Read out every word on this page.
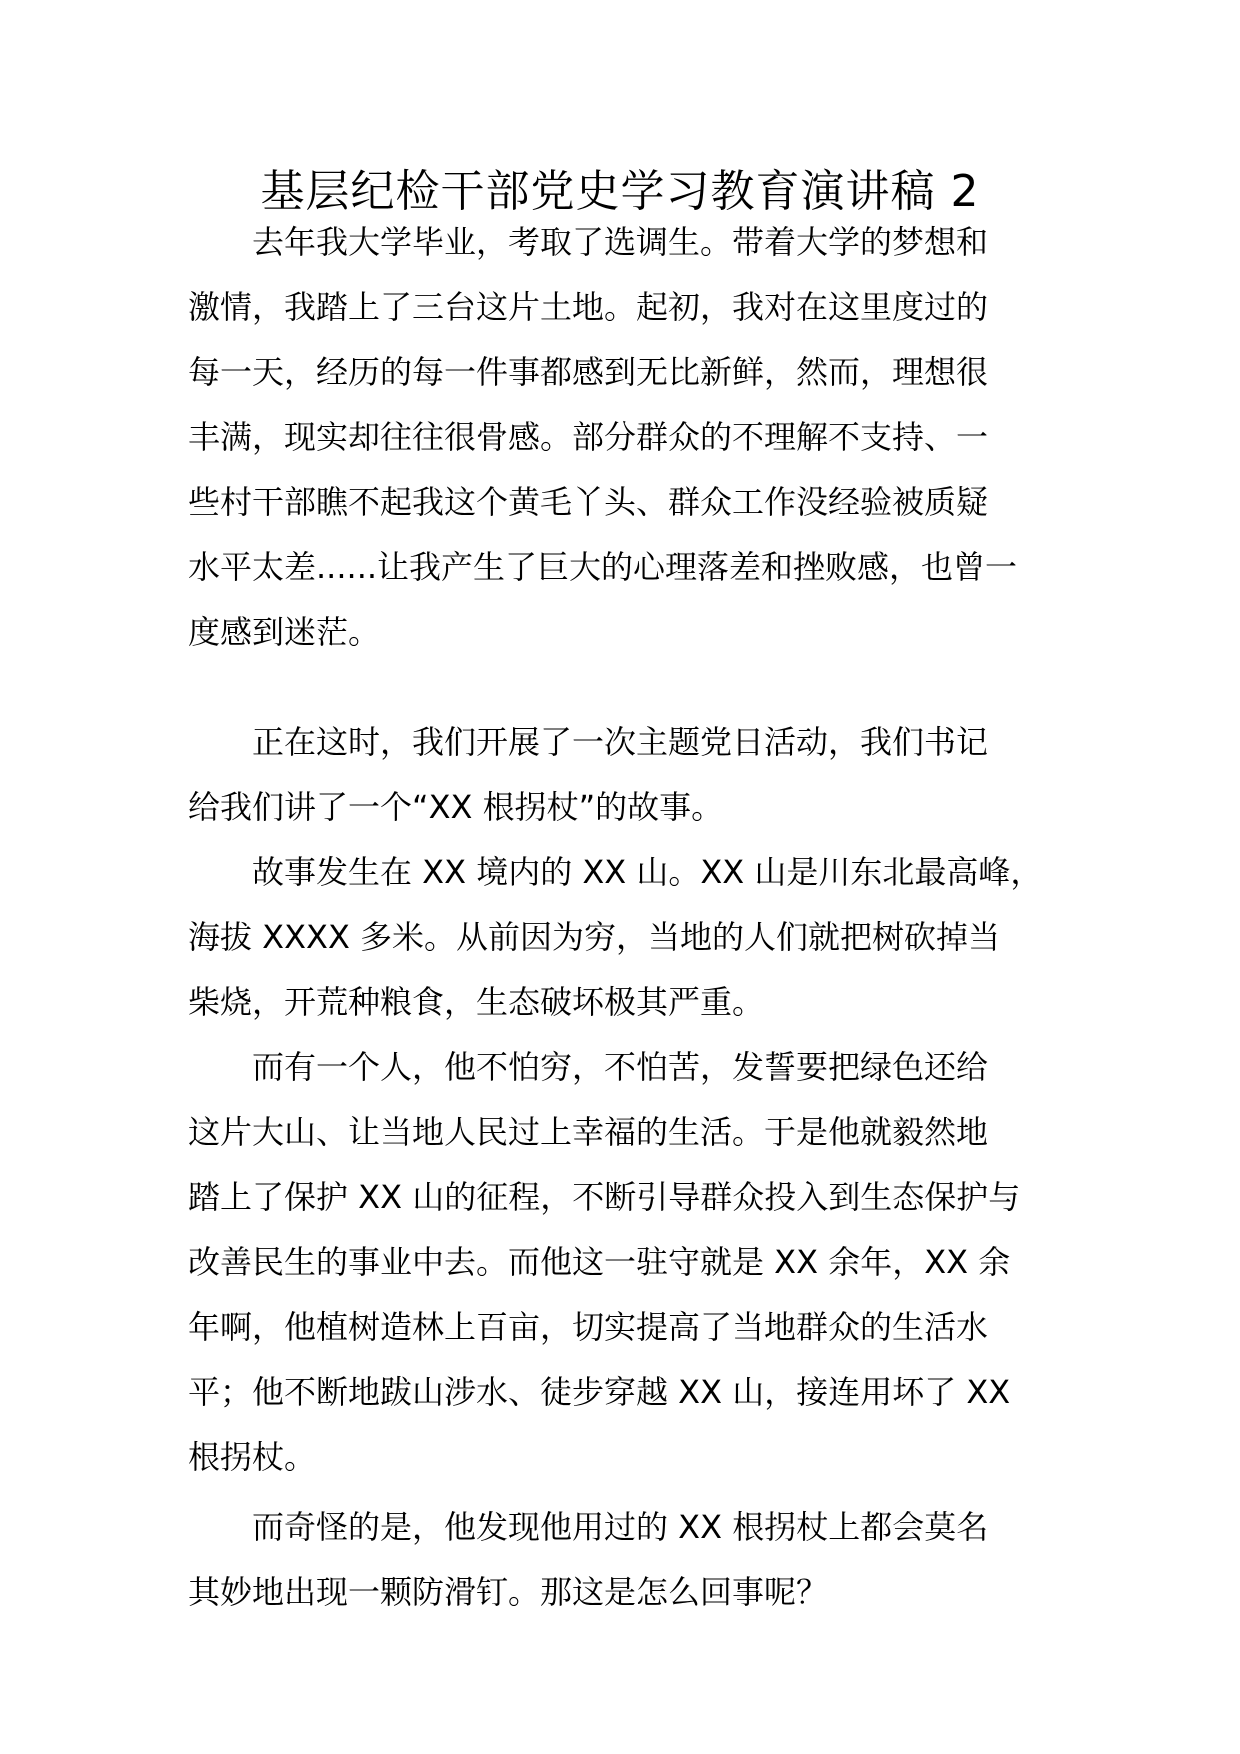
基层纪检干部党史学习教育演讲稿 2
去年我大学毕业，考取了选调生。带着大学的梦想和
激情，我踏上了三台这片土地。起初，我对在这里度过的
每一天，经历的每一件事都感到无比新鲜，然而，理想很
丰满，现实却往往很骨感。部分群众的不理解不支持、一
些村干部瞧不起我这个黄毛丫头、群众工作没经验被质疑
水平太差......让我产生了巨大的心理落差和挫败感，也曾一
度感到迷茫。
正在这时，我们开展了一次主题党日活动，我们书记
给我们讲了一个“XX 根拐杖”的故事。
故事发生在 XX 境内的 XX 山。XX 山是川东北最高峰，
海拔 XXXX 多米。从前因为穷，当地的人们就把树砍掉当
柴烧，开荒种粮食，生态破坏极其严重。
而有一个人，他不怕穷，不怕苦，发誓要把绿色还给
这片大山、让当地人民过上幸福的生活。于是他就毅然地
踏上了保护 XX 山的征程，不断引导群众投入到生态保护与
改善民生的事业中去。而他这一驻守就是 XX 余年，XX 余
年啊，他植树造林上百亩，切实提高了当地群众的生活水
平；他不断地跋山涉水、徒步穿越 XX 山，接连用坏了 XX
根拐杖。
而奇怪的是，他发现他用过的 XX 根拐杖上都会莫名
其妙地出现一颗防滑钉。那这是怎么回事呢？
